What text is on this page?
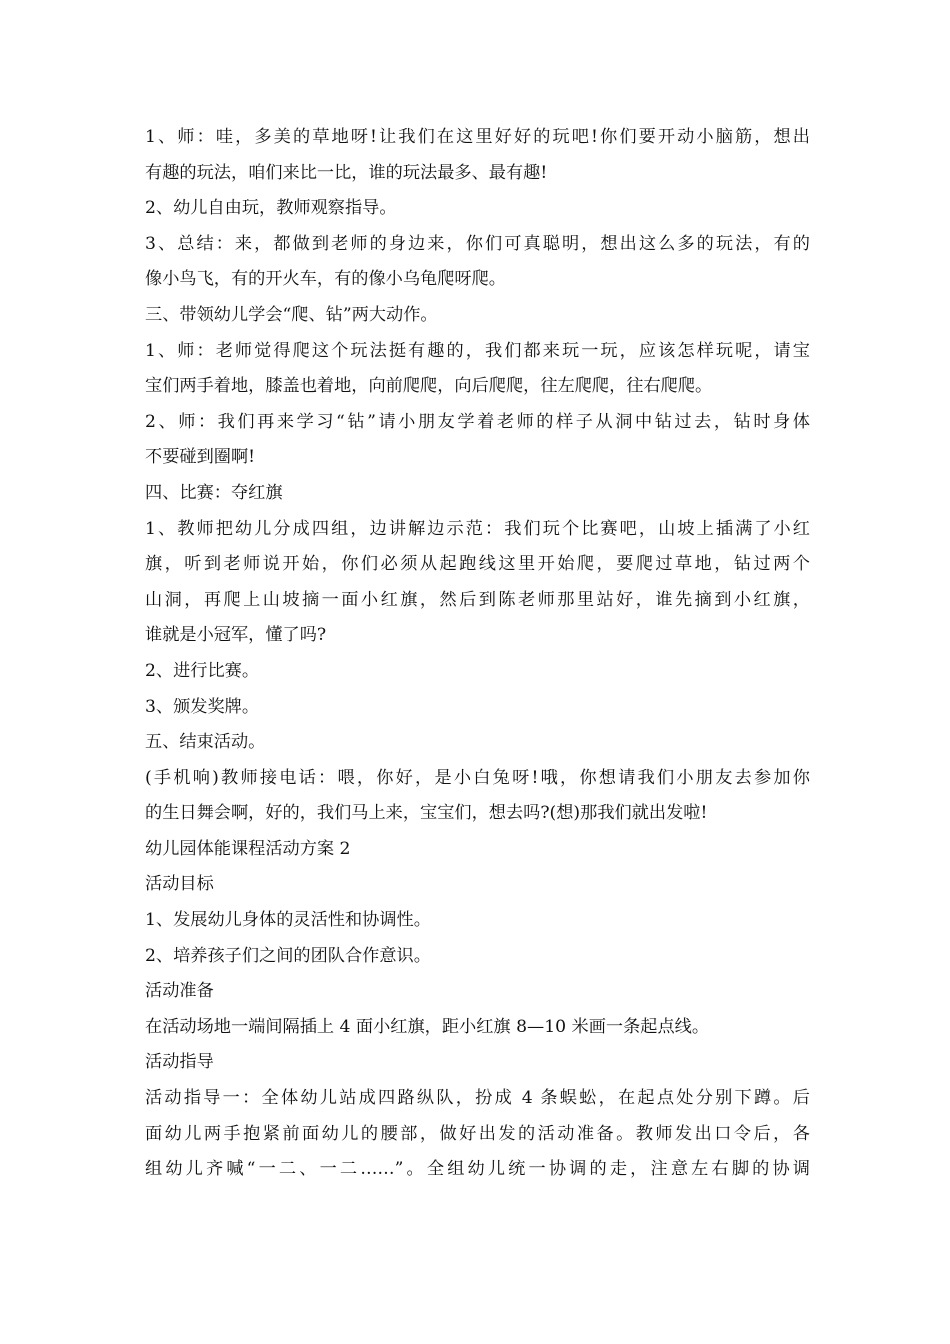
1、师：哇，多美的草地呀!让我们在这里好好的玩吧!你们要开动小脑筋，想出
有趣的玩法，咱们来比一比，谁的玩法最多、最有趣!
2、幼儿自由玩，教师观察指导。
3、总结：来，都做到老师的身边来，你们可真聪明，想出这么多的玩法，有的
像小鸟飞，有的开火车，有的像小乌龟爬呀爬。
三、带领幼儿学会“爬、钻”两大动作。
1、师：老师觉得爬这个玩法挺有趣的，我们都来玩一玩，应该怎样玩呢，请宝
宝们两手着地，膝盖也着地，向前爬爬，向后爬爬，往左爬爬，往右爬爬。
2、师：我们再来学习“钻”请小朋友学着老师的样子从洞中钻过去，钻时身体
不要碰到圈啊!
四、比赛：夺红旗
1、教师把幼儿分成四组，边讲解边示范：我们玩个比赛吧，山坡上插满了小红
旗，听到老师说开始，你们必须从起跑线这里开始爬，要爬过草地，钻过两个
山洞，再爬上山坡摘一面小红旗，然后到陈老师那里站好，谁先摘到小红旗，
谁就是小冠军，懂了吗?
2、进行比赛。
3、颁发奖牌。
五、结束活动。
(手机响)教师接电话：喂，你好，是小白兔呀!哦，你想请我们小朋友去参加你
的生日舞会啊，好的，我们马上来，宝宝们，想去吗?(想)那我们就出发啦!
幼儿园体能课程活动方案 2
活动目标
1、发展幼儿身体的灵活性和协调性。
2、培养孩子们之间的团队合作意识。
活动准备
在活动场地一端间隔插上 4 面小红旗，距小红旗 8—10 米画一条起点线。
活动指导
活动指导一：全体幼儿站成四路纵队，扮成 4 条蜈蚣，在起点处分别下蹲。后
面幼儿两手抱紧前面幼儿的腰部，做好出发的活动准备。教师发出口令后，各
组幼儿齐喊“一二、一二……”。全组幼儿统一协调的走，注意左右脚的协调
